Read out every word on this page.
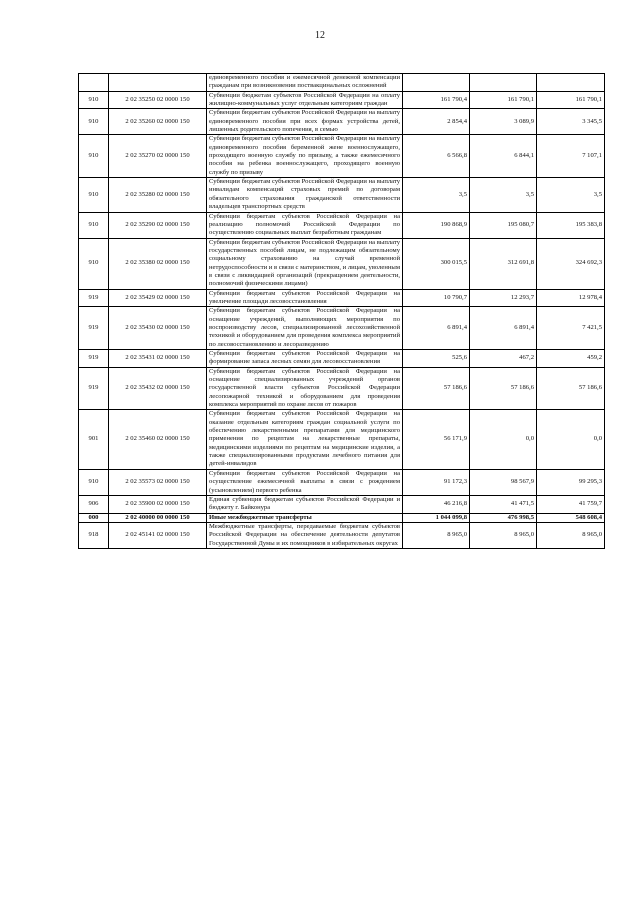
12
		единовременного пособия и ежемесячной денежной компенсации гражданам при возникновении поствакцинальных осложнений			
910	2 02 35250 02 0000 150	Субвенции бюджетам субъектов Российской Федерации на оплату жилищно-коммунальных услуг отдельным категориям граждан	161 790,4	161 790,1	161 790,1
910	2 02 35260 02 0000 150	Субвенции бюджетам субъектов Российской Федерации на выплату единовременного пособия при всех формах устройства детей, лишенных родительского попечения, в семью	2 854,4	3 089,9	3 345,5
910	2 02 35270 02 0000 150	Субвенции бюджетам субъектов Российской Федерации на выплату единовременного пособия беременной жене военнослужащего, проходящего военную службу по призыву, а также ежемесячного пособия на ребенка военнослужащего, проходящего военную службу по призыву	6 566,8	6 844,1	7 107,1
910	2 02 35280 02 0000 150	Субвенции бюджетам субъектов Российской Федерации на выплату инвалидам компенсаций страховых премий по договорам обязательного страхования гражданской ответственности владельцев транспортных средств	3,5	3,5	3,5
910	2 02 35290 02 0000 150	Субвенции бюджетам субъектов Российской Федерации на реализацию полномочий Российской Федерации по осуществлению социальных выплат безработным гражданам	190 868,9	195 080,7	195 383,8
910	2 02 35380 02 0000 150	Субвенции бюджетам субъектов Российской Федерации на выплату государственных пособий лицам, не подлежащим обязательному социальному страхованию на случай временной нетрудоспособности и в связи с материнством, и лицам, уволенным в связи с ликвидацией организаций (прекращением деятельности, полномочий физическими лицами)	300 015,5	312 691,8	324 692,3
919	2 02 35429 02 0000 150	Субвенции бюджетам субъектов Российской Федерации на увеличение площади лесовосстановления	10 790,7	12 293,7	12 978,4
919	2 02 35430 02 0000 150	Субвенции бюджетам субъектов Российской Федерации на оснащение учреждений, выполняющих мероприятия по воспроизводству лесов, специализированной лесохозяйственной техникой и оборудованием для проведения комплекса мероприятий по лесовосстановлению и лесоразведению	6 891,4	6 891,4	7 421,5
919	2 02 35431 02 0000 150	Субвенции бюджетам субъектов Российской Федерации на формирование запаса лесных семян для лесовосстановления	525,6	467,2	459,2
919	2 02 35432 02 0000 150	Субвенции бюджетам субъектов Российской Федерации на оснащение специализированных учреждений органов государственной власти субъектов Российской Федерации лесопожарной техникой и оборудованием для проведения комплекса мероприятий по охране лесов от пожаров	57 186,6	57 186,6	57 186,6
901	2 02 35460 02 0000 150	Субвенции бюджетам субъектов Российской Федерации на оказание отдельным категориям граждан социальной услуги по обеспечению лекарственными препаратами для медицинского применения по рецептам на лекарственные препараты, медицинскими изделиями по рецептам на медицинские изделия, а также специализированными продуктами лечебного питания для детей-инвалидов	56 171,9	0,0	0,0
910	2 02 35573 02 0000 150	Субвенции бюджетам субъектов Российской Федерации на осуществление ежемесячной выплаты в связи с рождением (усыновлением) первого ребенка	91 172,3	98 567,9	99 295,3
906	2 02 35900 02 0000 150	Единая субвенция бюджетам субъектов Российской Федерации и бюджету г. Байконура	46 216,8	41 471,5	41 759,7
000	2 02 40000 00 0000 150	Иные межбюджетные трансферты	1 044 099,8	476 998,5	548 608,4
918	2 02 45141 02 0000 150	Межбюджетные трансферты, передаваемые бюджетам субъектов Российской Федерации на обеспечение деятельности депутатов Государственной Думы и их помощников в избирательных округах	8 965,0	8 965,0	8 965,0
